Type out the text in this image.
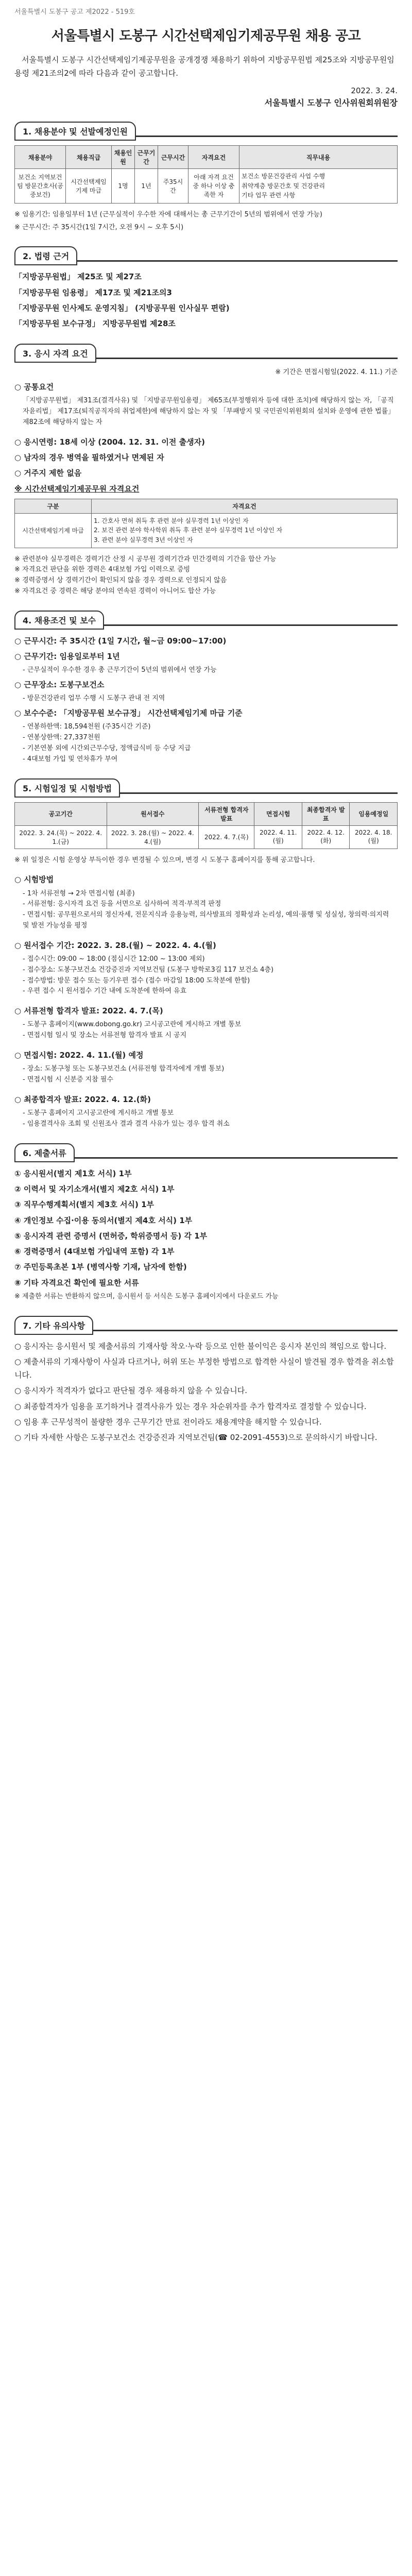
서울특별시 도봉구 공고 제2022 - 519호
서울특별시 도봉구 시간선택제임기제공무원 채용 공고

서울특별시 도봉구 시간선택제임기제공무원을 공개경쟁 채용하기 위하여 지방공무원법 제25조와 지방공무원임용령 제21조의2에 따라 다음과 같이 공고합니다.

2022. 3. 24.
서울특별시 도봉구 인사위원회위원장
1. 채용분야 및 선발예정인원
채용분야	채용직급	채용인원	근무기간	근무시간	자격요건	직무내용
보건소 지역보건팀 방문간호사(공중보건)	시간선택제임기제 마급	1명	1년	주35시간	아래 자격 요건 중 하나 이상 충족한 자	보건소 방문건강관리 사업 수행
취약계층 방문간호 및 건강관리
기타 업무 관련 사항
※ 임용기간: 임용일부터 1년 (근무실적이 우수한 자에 대해서는 총 근무기간이 5년의 범위에서 연장 가능)
※ 근무시간: 주 35시간(1일 7시간, 오전 9시 ~ 오후 5시)
2. 법령 근거
「지방공무원법」 제25조 및 제27조
「지방공무원 임용령」 제17조 및 제21조의3
「지방공무원 인사제도 운영지침」 (지방공무원 인사실무 편람)
「지방공무원 보수규정」 지방공무원법 제28조
3. 응시 자격 요건
※ 기간은 면접시험일(2022. 4. 11.) 기준
○ 공통요건
「지방공무원법」 제31조(결격사유) 및 「지방공무원임용령」 제65조(부정행위자 등에 대한 조치)에 해당하지 않는 자, 「공직자윤리법」 제17조(퇴직공직자의 취업제한)에 해당하지 않는 자 및 「부패방지 및 국민권익위원회의 설치와 운영에 관한 법률」 제82조에 해당하지 않는 자
○ 응시연령: 18세 이상 (2004. 12. 31. 이전 출생자)
○ 남자의 경우 병역을 필하였거나 면제된 자
○ 거주지 제한 없음
※ 시간선택제임기제공무원 자격요건
구분	자격요건
시간선택제임기제 마급	1. 간호사 면허 취득 후 관련 분야 실무경력 1년 이상인 자
2. 보건 관련 분야 학사학위 취득 후 관련 분야 실무경력 1년 이상인 자
3. 관련 분야 실무경력 3년 이상인 자
※ 관련분야 실무경력은 경력기간 산정 시 공무원 경력기간과 민간경력의 기간을 합산 가능
※ 자격요건 판단을 위한 경력은 4대보험 가입 이력으로 증빙
※ 경력증명서 상 경력기간이 확인되지 않을 경우 경력으로 인정되지 않음
※ 자격요건 중 경력은 해당 분야의 연속된 경력이 아니어도 합산 가능
4. 채용조건 및 보수
○ 근무시간: 주 35시간 (1일 7시간, 월~금 09:00~17:00)
○ 근무기간: 임용일로부터 1년
- 근무실적이 우수한 경우 총 근무기간이 5년의 범위에서 연장 가능
○ 근무장소: 도봉구보건소
- 방문건강관리 업무 수행 시 도봉구 관내 전 지역
○ 보수수준: 「지방공무원 보수규정」 시간선택제임기제 마급 기준
- 연봉하한액: 18,594천원 (주35시간 기준)
- 연봉상한액: 27,337천원
- 기본연봉 외에 시간외근무수당, 정액급식비 등 수당 지급
- 4대보험 가입 및 연차휴가 부여
5. 시험일정 및 시험방법
공고기간	원서접수	서류전형 합격자 발표	면접시험	최종합격자 발표	임용예정일
2022. 3. 24.(목) ~ 2022. 4. 1.(금)	2022. 3. 28.(월) ~ 2022. 4. 4.(월)	2022. 4. 7.(목)	2022. 4. 11.(월)	2022. 4. 12.(화)	2022. 4. 18.(월)
※ 위 일정은 시험 운영상 부득이한 경우 변경될 수 있으며, 변경 시 도봉구 홈페이지를 통해 공고합니다.
○ 시험방법
- 1차 서류전형 → 2차 면접시험 (최종)
- 서류전형: 응시자격 요건 등을 서면으로 심사하여 적격·부적격 판정
- 면접시험: 공무원으로서의 정신자세, 전문지식과 응용능력, 의사발표의 정확성과 논리성, 예의·품행 및 성실성, 창의력·의지력 및 발전 가능성을 평정
○ 원서접수 기간: 2022. 3. 28.(월) ~ 2022. 4. 4.(월)
- 접수시간: 09:00 ~ 18:00 (점심시간 12:00 ~ 13:00 제외)
- 접수장소: 도봉구보건소 건강증진과 지역보건팀 (도봉구 방학로3길 117 보건소 4층)
- 접수방법: 방문 접수 또는 등기우편 접수 (접수 마감일 18:00 도착분에 한함)
- 우편 접수 시 원서접수 기간 내에 도착분에 한하여 유효
○ 서류전형 합격자 발표: 2022. 4. 7.(목)
- 도봉구 홈페이지(www.dobong.go.kr) 고시공고란에 게시하고 개별 통보
- 면접시험 일시 및 장소는 서류전형 합격자 발표 시 공지
○ 면접시험: 2022. 4. 11.(월) 예정
- 장소: 도봉구청 또는 도봉구보건소 (서류전형 합격자에게 개별 통보)
- 면접시험 시 신분증 지참 필수
○ 최종합격자 발표: 2022. 4. 12.(화)
- 도봉구 홈페이지 고시공고란에 게시하고 개별 통보
- 임용결격사유 조회 및 신원조사 결과 결격 사유가 있는 경우 합격 취소
6. 제출서류
① 응시원서(별지 제1호 서식) 1부
② 이력서 및 자기소개서(별지 제2호 서식) 1부
③ 직무수행계획서(별지 제3호 서식) 1부
④ 개인정보 수집·이용 동의서(별지 제4호 서식) 1부
⑤ 응시자격 관련 증명서 (면허증, 학위증명서 등) 각 1부
⑥ 경력증명서 (4대보험 가입내역 포함) 각 1부
⑦ 주민등록초본 1부 (병역사항 기재, 남자에 한함)
⑧ 기타 자격요건 확인에 필요한 서류
※ 제출한 서류는 반환하지 않으며, 응시원서 등 서식은 도봉구 홈페이지에서 다운로드 가능
7. 기타 유의사항
○ 응시자는 응시원서 및 제출서류의 기재사항 착오·누락 등으로 인한 불이익은 응시자 본인의 책임으로 합니다.
○ 제출서류의 기재사항이 사실과 다르거나, 허위 또는 부정한 방법으로 합격한 사실이 발견될 경우 합격을 취소합니다.
○ 응시자가 적격자가 없다고 판단될 경우 채용하지 않을 수 있습니다.
○ 최종합격자가 임용을 포기하거나 결격사유가 있는 경우 차순위자를 추가 합격자로 결정할 수 있습니다.
○ 임용 후 근무성적이 불량한 경우 근무기간 만료 전이라도 채용계약을 해지할 수 있습니다.
○ 기타 자세한 사항은 도봉구보건소 건강증진과 지역보건팀(☎ 02-2091-4553)으로 문의하시기 바랍니다.
